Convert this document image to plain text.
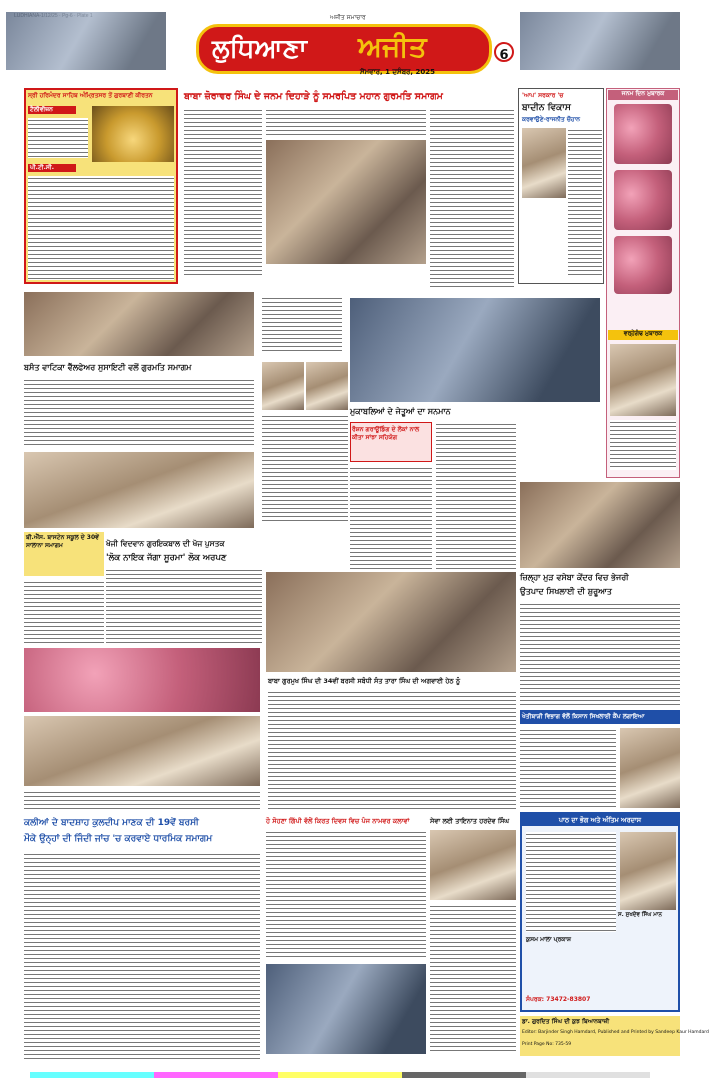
ਲੁਧਿਆਣਾ	ਅਜੀਤ
ਅਜੀਤ ਸਮਾਚਾਰ
ਸੋਮਵਾਰ, 1 ਦਸੰਬਰ, 2025
6
ਸ੍ਰੀ ਹਰਿਮੰਦਰ ਸਾਹਿਬ ਅੰਮ੍ਰਿਤਸਰ ਤੋਂ ਗੁਰਬਾਣੀ ਕੀਰਤਨ
ਟੈਲੀਵੀਜ਼ਨ
ਪੀ.ਟੀ.ਸੀ.
ਬਾਬਾ ਜ਼ੋਰਾਵਰ ਸਿੰਘ ਦੇ ਜਨਮ ਦਿਹਾੜੇ ਨੂੰ ਸਮਰਪਿਤ ਮਹਾਨ ਗੁਰਮਤਿ ਸਮਾਗਮ	'ਆਪ' ਸਰਕਾਰ 'ਚ
ਬਾਦੀਨ ਵਿਕਾਸ
ਕਰਵਾਉਣੇ-ਰਾਜਨੀਤ ਚੌਹਾਨ
ਜਨਮ ਦਿਨ ਮੁਬਾਰਕ
ਵਰ੍ਹੇਗੰਢ ਮੁਬਾਰਕ
ਬਸੰਤ ਵਾਟਿਕਾ ਵੈੱਲਫੇਅਰ ਸੁਸਾਇਟੀ ਵਲੋਂ ਗੁਰਮਤਿ ਸਮਾਗਮ
ਮੁਕਾਬਲਿਆਂ ਦੇ ਜੇਤੂਆਂ ਦਾ ਸਨਮਾਨ
ਰੌਸ਼ਨ ਗਰਾਊਂਡਿੰਗ ਦੇ ਲੋਕਾਂ ਨਾਲ ਕੀਤਾ ਸਾਂਝਾ ਸਹਿਯੋਗ
ਜ਼ਿਲ੍ਹਾ ਮੁੜ ਵਸੇਬਾ ਕੇਂਦਰ ਵਿਚ ਭੇਜਰੀ
ਉਤਪਾਦ ਸਿਖਲਾਈ ਦੀ ਸ਼ੁਰੂਆਤ
ਬੀ.ਐੱਸ. ਬਾਸਟੇਨ ਸਕੂਲ ਦੇ 30ਵੇਂ ਸਾਲਾਨਾ ਸਮਾਗਮ	ਖੋਜੀ ਵਿਦਵਾਨ ਗੁਰਇਕਬਾਲ ਦੀ ਖੋਜ ਪੁਸਤਕ
'ਲੋਕ ਨਾਇਕ ਜੱਗਾ ਸੂਰਮਾ' ਲੋਕ ਅਰਪਣ
ਬਾਬਾ ਗੁਰਮੁਖ ਸਿੰਘ ਦੀ 34ਵੀਂ ਬਰਸੀ ਸਬੰਧੀ ਸੰਤ ਤਾਰਾ ਸਿੰਘ ਦੀ ਅਗਵਾਈ ਹੇਠ ਨੂੰ
ਖੇਤੀਬਾੜੀ ਵਿਭਾਗ ਵੱਲੋਂ ਕਿਸਾਨ ਸਿਖਲਾਈ ਕੈਂਪ ਲਗਾਇਆ
ਕਲੀਆਂ ਦੇ ਬਾਦਸ਼ਾਹ ਕੁਲਦੀਪ ਮਾਣਕ ਦੀ 19ਵੇਂ ਬਰਸੀ
ਮੌਕੇ ਉਨ੍ਹਾਂ ਦੀ ਜਿੰਦੀ ਜਾਂਚ 'ਚ ਕਰਵਾਏ ਧਾਰਮਿਕ ਸਮਾਗਮ
ਹੋ ਸੋਹਣਾ ਗਿੱਪੀ ਵੱਲੋਂ ਕਿਰਤ ਦਿਵਸ ਵਿਚ ਪੰਜ ਨਾਮਵਰ ਕਲਾਵਾਂ	ਸੇਵਾ ਲਈ ਤਾਇਨਾਤ ਹਰਦੇਵ ਸਿੰਘ	ਪਾਠ ਦਾ ਭੋਗ ਅਤੇ ਅੰਤਿਮ ਅਰਦਾਸ
ਸ. ਸੁਖਦੇਵ ਸਿੰਘ ਮਾਨ
ਕੁਸਮ ਮਾਲਾ ਪ੍ਰਕਾਸ਼
ਸੰਪਰਕ: 73472-83807
ਡਾ. ਗੁਰਦਿਤ ਸਿੰਘ ਦੀ ਕੁਝ ਬਿਆਨਬਾਜ਼ੀ
Editor: Barjinder Singh Hamdard, Published and Printed by Sandeep Kaur Hamdard
Print Page No: 735-59
